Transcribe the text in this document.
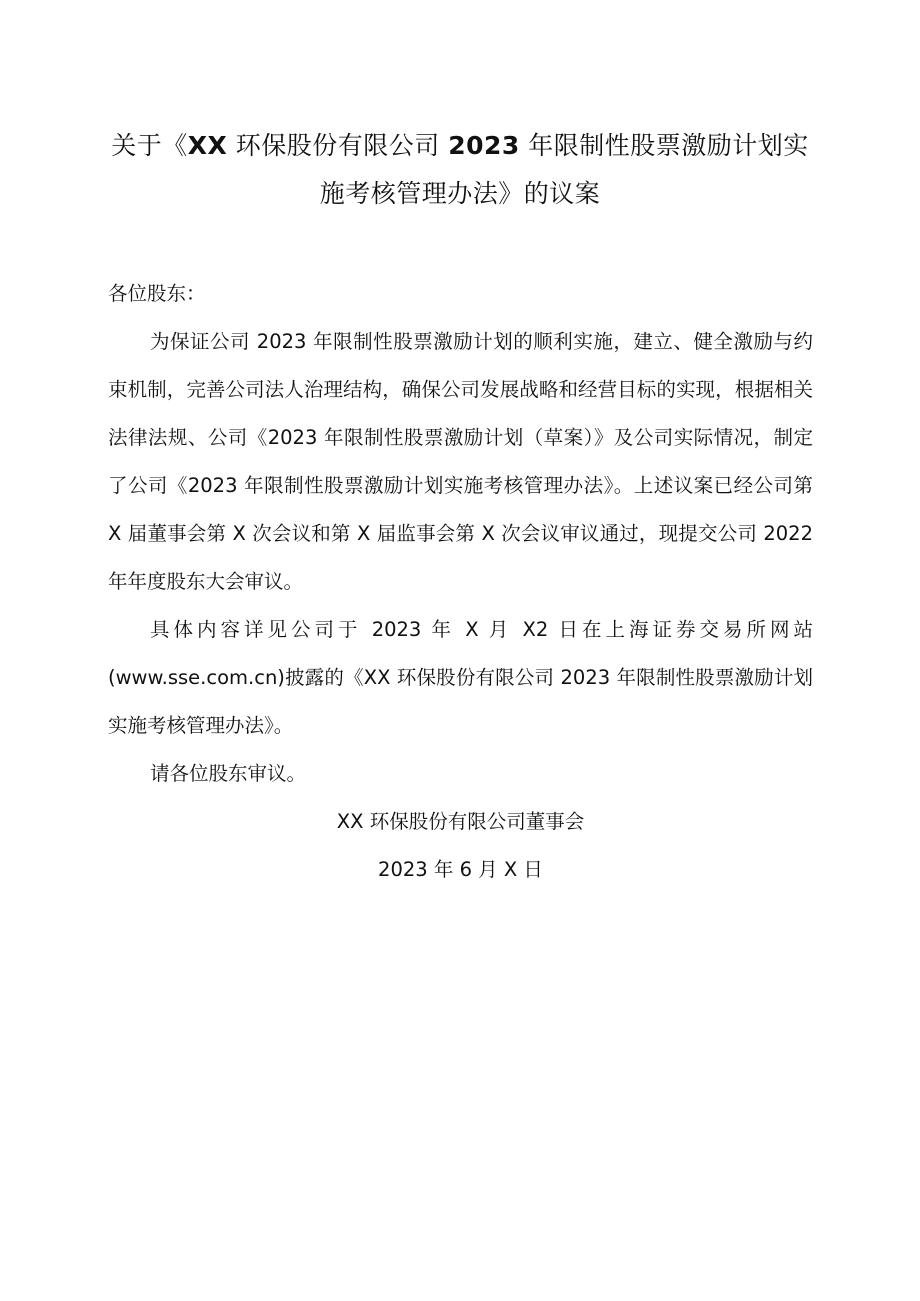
关于《XX 环保股份有限公司 2023 年限制性股票激励计划实施考核管理办法》的议案

各位股东：

为保证公司 2023 年限制性股票激励计划的顺利实施，建立、健全激励与约束机制，完善公司法人治理结构，确保公司发展战略和经营目标的实现，根据相关法律法规、公司《2023 年限制性股票激励计划（草案）》及公司实际情况，制定了公司《2023 年限制性股票激励计划实施考核管理办法》。上述议案已经公司第 X 届董事会第 X 次会议和第 X 届监事会第 X 次会议审议通过，现提交公司 2022 年年度股东大会审议。

具体内容详见公司于 2023 年 X 月 X2 日在上海证券交易所网站(www.sse.com.cn)披露的《XX 环保股份有限公司 2023 年限制性股票激励计划实施考核管理办法》。

请各位股东审议。

XX 环保股份有限公司董事会

2023 年 6 月 X 日
